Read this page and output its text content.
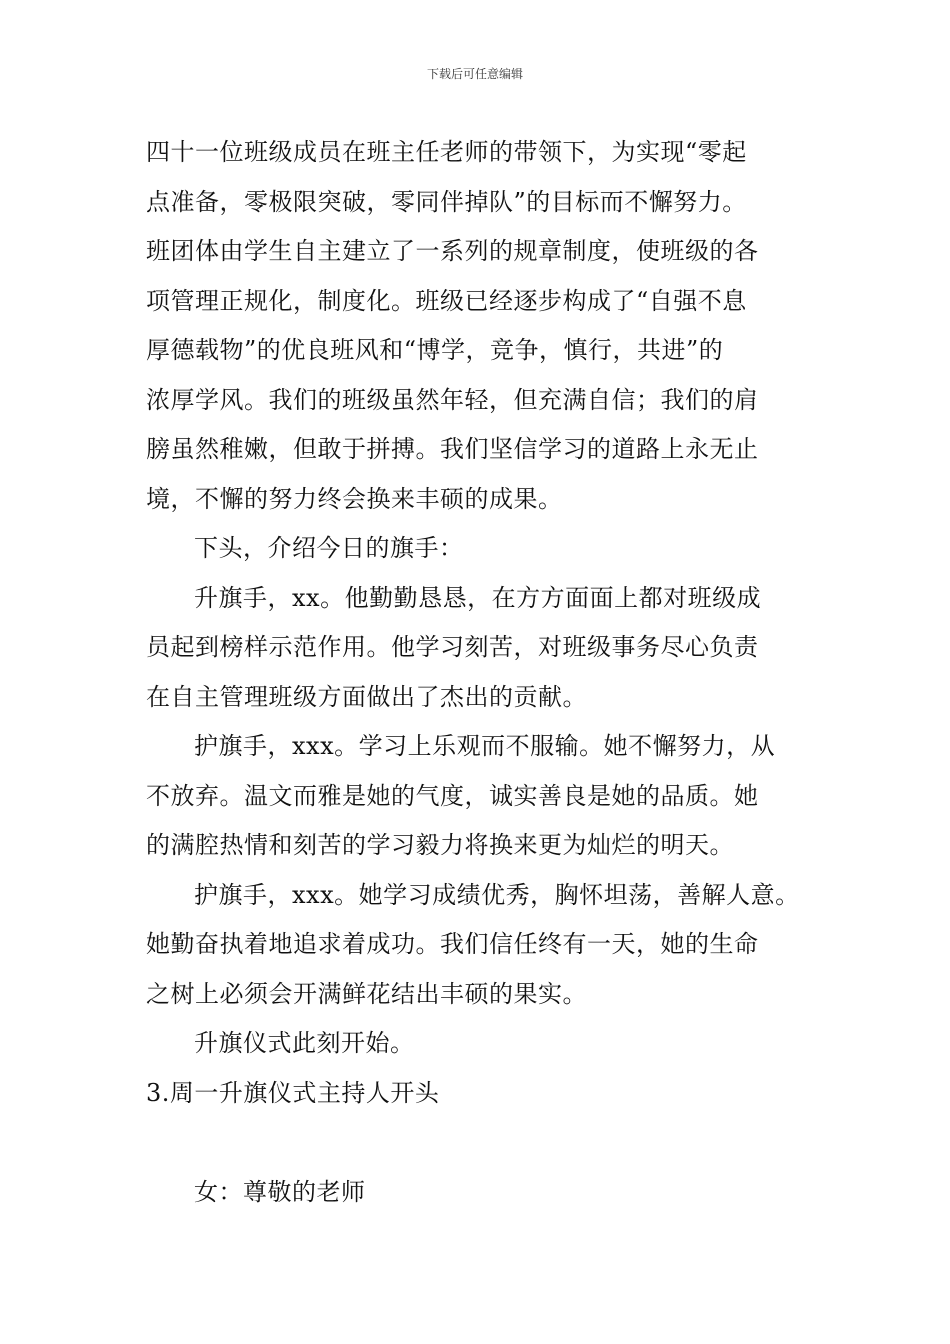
下载后可任意编辑
四十一位班级成员在班主任老师的带领下，为实现“零起
点准备，零极限突破，零同伴掉队”的目标而不懈努力。
班团体由学生自主建立了一系列的规章制度，使班级的各
项管理正规化，制度化。班级已经逐步构成了“自强不息
厚德载物”的优良班风和“博学，竞争，慎行，共进”的
浓厚学风。我们的班级虽然年轻，但充满自信；我们的肩
膀虽然稚嫩，但敢于拼搏。我们坚信学习的道路上永无止
境，不懈的努力终会换来丰硕的成果。
下头，介绍今日的旗手：
升旗手，xx。他勤勤恳恳，在方方面面上都对班级成
员起到榜样示范作用。他学习刻苦，对班级事务尽心负责
在自主管理班级方面做出了杰出的贡献。
护旗手，xxx。学习上乐观而不服输。她不懈努力，从
不放弃。温文而雅是她的气度，诚实善良是她的品质。她
的满腔热情和刻苦的学习毅力将换来更为灿烂的明天。
护旗手，xxx。她学习成绩优秀，胸怀坦荡，善解人意。
她勤奋执着地追求着成功。我们信任终有一天，她的生命
之树上必须会开满鲜花结出丰硕的果实。
升旗仪式此刻开始。
3.周一升旗仪式主持人开头
女：尊敬的老师
